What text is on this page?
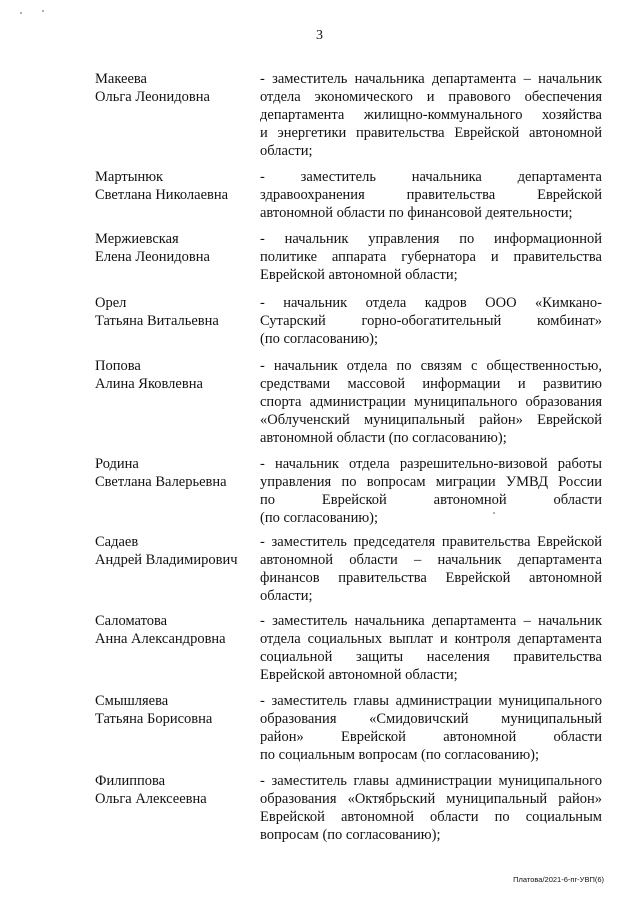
3
Макеева
Ольга Леонидовна
- заместитель начальника департамента – начальник
отдела экономического и правового обеспечения
департамента жилищно-коммунального хозяйства
и энергетики правительства Еврейской автономной
области;
Мартынюк
Светлана Николаевна
- заместитель начальника департамента
здравоохранения правительства Еврейской
автономной области по финансовой деятельности;
Мержиевская
Елена Леонидовна
- начальник управления по информационной
политике аппарата губернатора и правительства
Еврейской автономной области;
Орел
Татьяна Витальевна
- начальник отдела кадров ООО «Кимкано-
Сутарский горно-обогатительный комбинат»
(по согласованию);
Попова
Алина Яковлевна
- начальник отдела по связям с общественностью,
средствами массовой информации и развитию
спорта администрации муниципального образования
«Облученский муниципальный район» Еврейской
автономной области (по согласованию);
Родина
Светлана Валерьевна
- начальник отдела разрешительно-визовой работы
управления по вопросам миграции УМВД России
по Еврейской автономной области
(по согласованию);
Садаев
Андрей Владимирович
- заместитель председателя правительства Еврейской
автономной области – начальник департамента
финансов правительства Еврейской автономной
области;
Саломатова
Анна Александровна
- заместитель начальника департамента – начальник
отдела социальных выплат и контроля департамента
социальной защиты населения правительства
Еврейской автономной области;
Смышляева
Татьяна Борисовна
- заместитель главы администрации муниципального
образования «Смидовичский муниципальный
район» Еврейской автономной области
по социальным вопросам (по согласованию);
Филиппова
Ольга Алексеевна
- заместитель главы администрации муниципального
образования «Октябрьский муниципальный район»
Еврейской автономной области по социальным
вопросам (по согласованию);
Платова/2021-6-пг-УВП(6)
